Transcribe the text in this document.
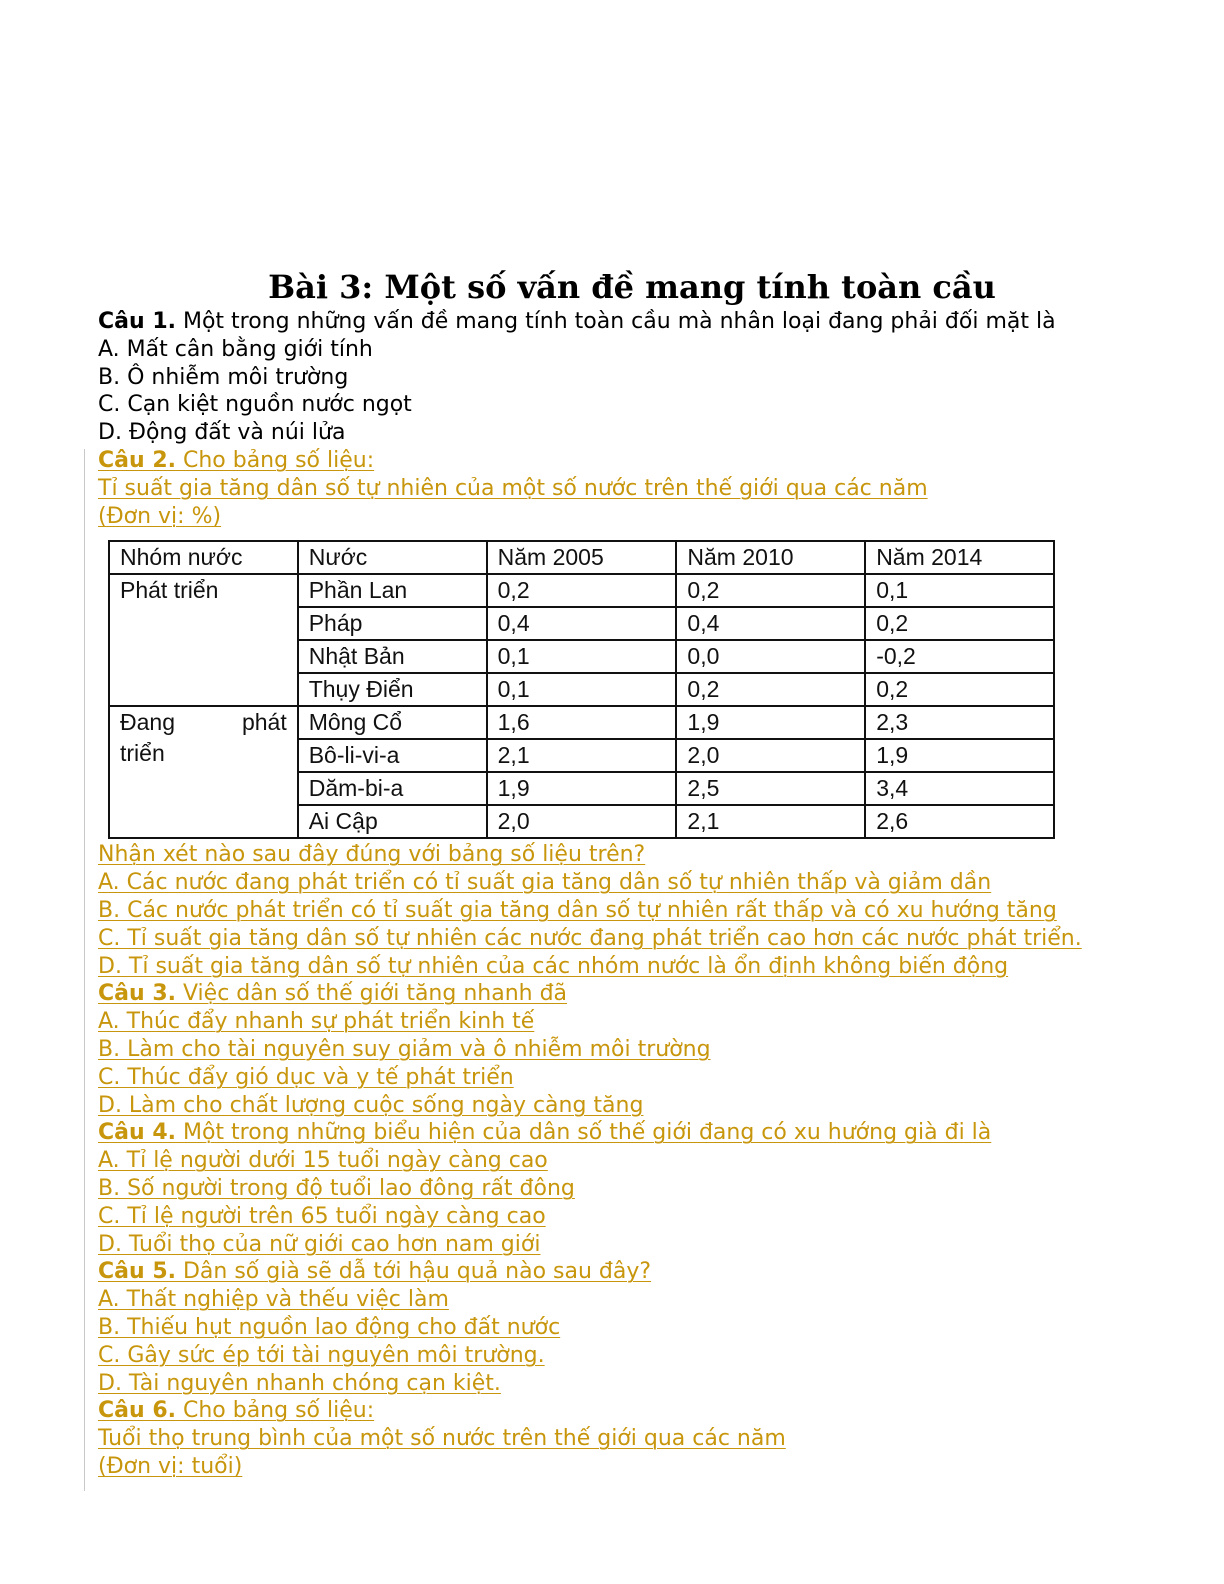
Bài 3: Một số vấn đề mang tính toàn cầu

Câu 1. Một trong những vấn đề mang tính toàn cầu mà nhân loại đang phải đối mặt là

A. Mất cân bằng giới tính

B. Ô nhiễm môi trường

C. Cạn kiệt nguồn nước ngọt

D. Động đất và núi lửa

Câu 2. Cho bảng số liệu:

Tỉ suất gia tăng dân số tự nhiên của một số nước trên thế giới qua các năm

(Đơn vị: %)

Nhóm nước	Nước	Năm 2005	Năm 2010	Năm 2014
Phát triển	Phần Lan	0,2	0,2	0,1
	Pháp	0,4	0,4	0,2
	Nhật Bản	0,1	0,0	-0,2
	Thụy Điển	0,1	0,2	0,2

Đang phát
triển	Mông Cổ	1,6	1,9	2,3
	Bô-li-vi-a	2,1	2,0	1,9
	Dăm-bi-a	1,9	2,5	3,4
	Ai Cập	2,0	2,1	2,6

Nhận xét nào sau đây đúng với bảng số liệu trên?

A. Các nước đang phát triển có tỉ suất gia tăng dân số tự nhiên thấp và giảm dần

B. Các nước phát triển có tỉ suất gia tăng dân số tự nhiên rất thấp và có xu hướng tăng

C. Tỉ suất gia tăng dân số tự nhiên các nước đang phát triển cao hơn các nước phát triển.

D. Tỉ suất gia tăng dân số tự nhiên của các nhóm nước là ổn định không biến động

Câu 3. Việc dân số thế giới tăng nhanh đã

A. Thúc đẩy nhanh sự phát triển kinh tế

B. Làm cho tài nguyên suy giảm và ô nhiễm môi trường

C. Thúc đẩy gió dục và y tế phát triển

D. Làm cho chất lượng cuộc sống ngày càng tăng

Câu 4. Một trong những biểu hiện của dân số thế giới đang có xu hướng già đi là

A. Tỉ lệ người dưới 15 tuổi ngày càng cao

B. Số người trong độ tuổi lao đông rất đông

C. Tỉ lệ người trên 65 tuổi ngày càng cao

D. Tuổi thọ của nữ giới cao hơn nam giới

Câu 5. Dân số già sẽ dẫ tới hậu quả nào sau đây?

A. Thất nghiệp và thếu việc làm

B. Thiếu hụt nguồn lao động cho đất nước

C. Gây sức ép tới tài nguyên môi trường.

D. Tài nguyên nhanh chóng cạn kiệt.

Câu 6. Cho bảng số liệu:

Tuổi thọ trung bình của một số nước trên thế giới qua các năm

(Đơn vị: tuổi)
